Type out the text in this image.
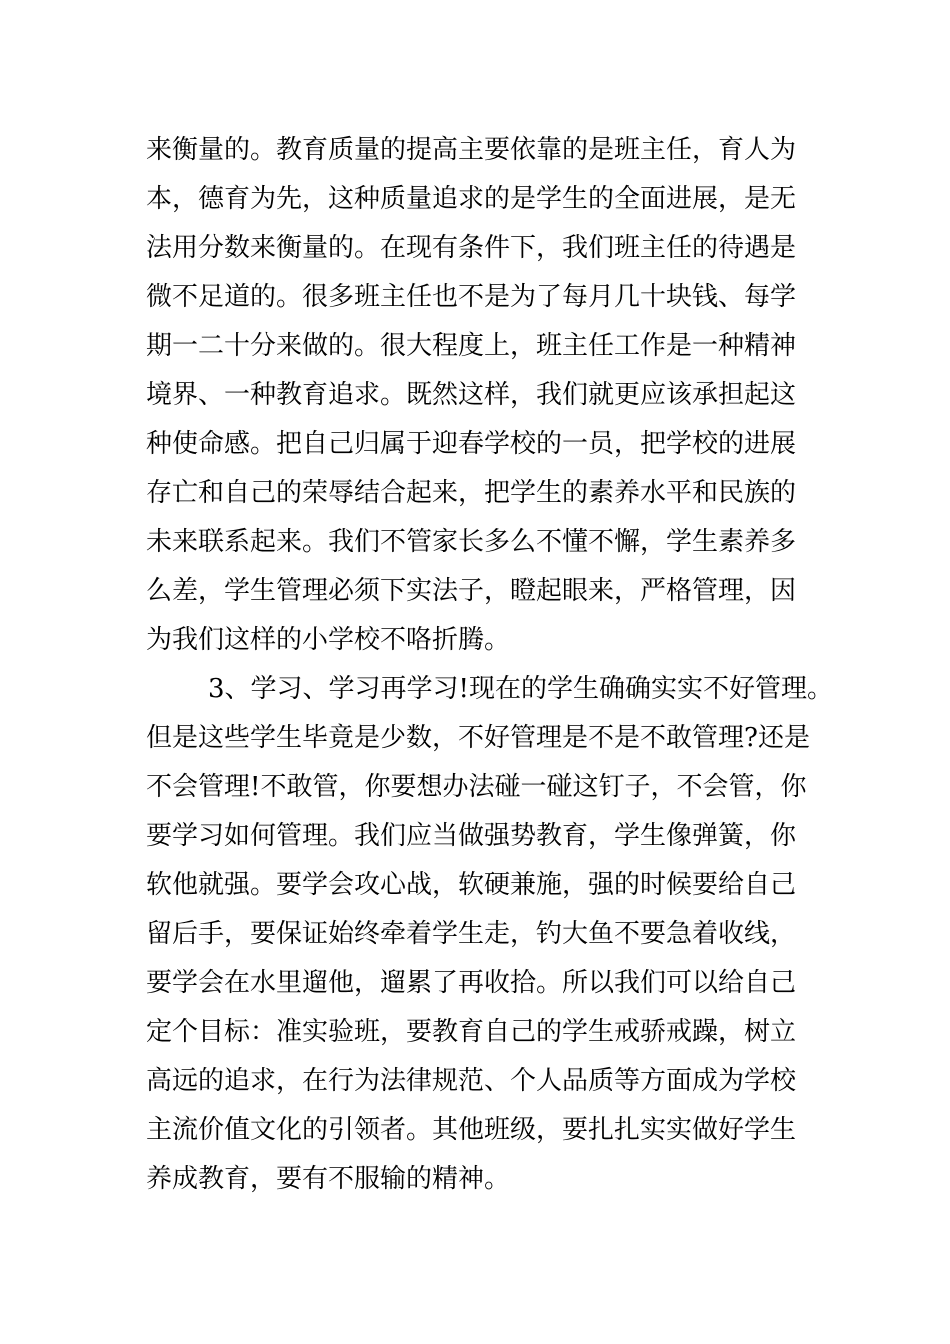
来衡量的。教育质量的提高主要依靠的是班主任，育人为
本，德育为先，这种质量追求的是学生的全面进展，是无
法用分数来衡量的。在现有条件下，我们班主任的待遇是
微不足道的。很多班主任也不是为了每月几十块钱、每学
期一二十分来做的。很大程度上，班主任工作是一种精神
境界、一种教育追求。既然这样，我们就更应该承担起这
种使命感。把自己归属于迎春学校的一员，把学校的进展
存亡和自己的荣辱结合起来，把学生的素养水平和民族的
未来联系起来。我们不管家长多么不懂不懈，学生素养多
么差，学生管理必须下实法子，瞪起眼来，严格管理，因
为我们这样的小学校不咯折腾。
3、学习、学习再学习!现在的学生确确实实不好管理。
但是这些学生毕竟是少数，不好管理是不是不敢管理?还是
不会管理!不敢管，你要想办法碰一碰这钉子，不会管，你
要学习如何管理。我们应当做强势教育，学生像弹簧，你
软他就强。要学会攻心战，软硬兼施，强的时候要给自己
留后手，要保证始终牵着学生走，钓大鱼不要急着收线，
要学会在水里遛他，遛累了再收拾。所以我们可以给自己
定个目标：准实验班，要教育自己的学生戒骄戒躁，树立
高远的追求，在行为法律规范、个人品质等方面成为学校
主流价值文化的引领者。其他班级，要扎扎实实做好学生
养成教育，要有不服输的精神。
